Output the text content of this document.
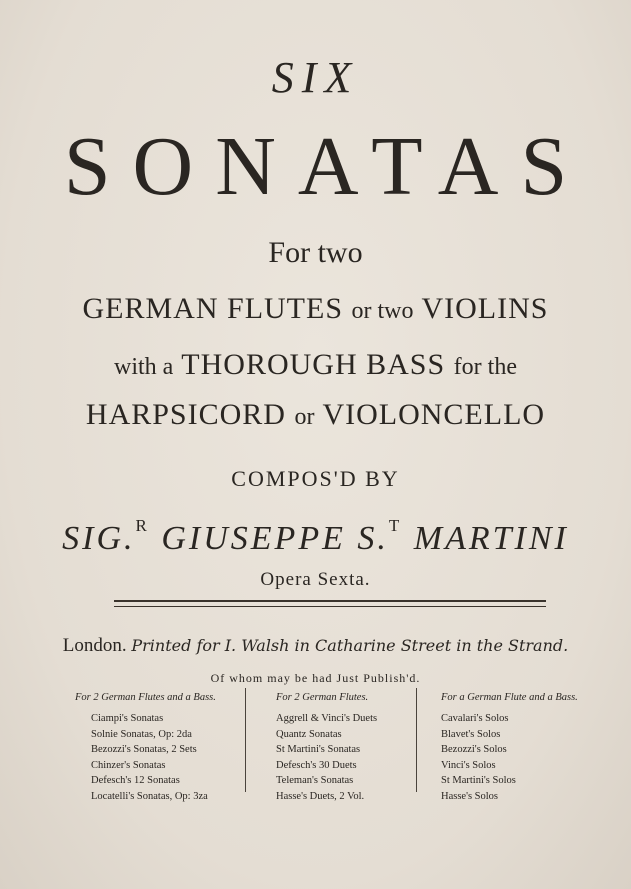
SIX
SONATAS
For two
GERMAN FLUTES or two VIOLINS
with a THOROUGH BASS for the
HARPSICORD or VIOLONCELLO
COMPOS'D BY
SIG.$^R$ GIUSEPPE S.$^T$ MARTINI
Opera Sexta.
London. Printed for I. Walsh in Catharine Street in the Strand.
Of whom may be had Just Publish'd.
For 2 German Flutes and a Bass.
Ciampi's Sonatas
Solnie Sonatas, Op: 2da
Bezozzi's Sonatas, 2 Sets
Chinzer's Sonatas
Defesch's 12 Sonatas
Locatelli's Sonatas, Op: 3za
For 2 German Flutes.
Aggrell & Vinci's Duets
Quantz Sonatas
St Martini's Sonatas
Defesch's 30 Duets
Teleman's Sonatas
Hasse's Duets, 2 Vol.
For a German Flute and a Bass.
Cavalari's Solos
Blavet's Solos
Bezozzi's Solos
Vinci's Solos
St Martini's Solos
Hasse's Solos
